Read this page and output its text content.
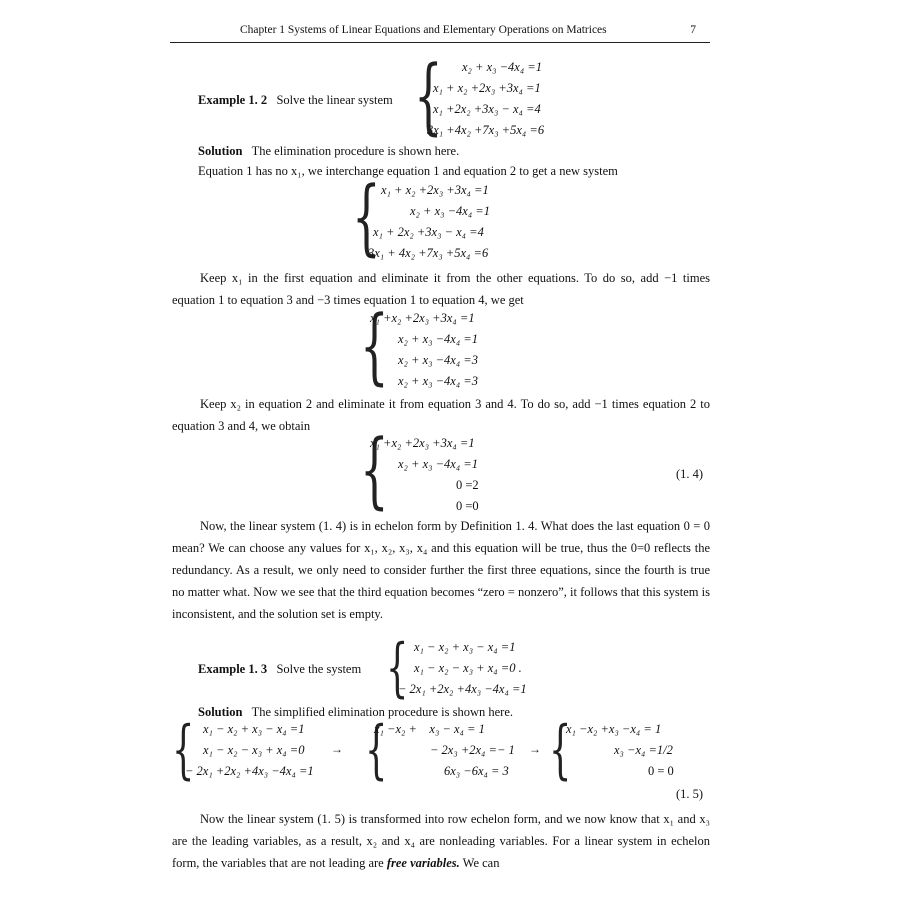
Chapter 1 Systems of Linear Equations and Elementary Operations on Matrices	7
Example 1. 2 Solve the linear system { x₂ + x₃ −4x₄ =1
x₁ + x₂ +2x₃ +3x₄ =1
x₁ +2x₂ +3x₃ − x₄ =4
3x₁ +4x₂ +7x₃ +5x₄ =6
Solution The elimination procedure is shown here.
Equation 1 has no x₁, we interchange equation 1 and equation 2 to get a new system
{ x₁ + x₂ +2x₃ +3x₄ =1
x₂ + x₃ −4x₄ =1
x₁ + 2x₂ +3x₃ − x₄ =4
3x₁ + 4x₂ +7x₃ +5x₄ =6
Keep x₁ in the first equation and eliminate it from the other equations. To do so, add −1 times equation 1 to equation 3 and −3 times equation 1 to equation 4, we get
{
x₁ +x₂ +2x₃ +3x₄ =1
x₂ + x₃ −4x₄ =1
x₂ + x₃ −4x₄ =3
x₂ + x₃ −4x₄ =3
Keep x₂ in equation 2 and eliminate it from equation 3 and 4. To do so, add −1 times equation 2 to equation 3 and 4, we obtain {
x₁ +x₂ +2x₃ +3x₄ =1
x₂ + x₃ −4x₄ =1
0 =2
0 =0
(1. 4)
Now, the linear system (1. 4) is in echelon form by Definition 1. 4. What does the last equation 0 = 0 mean? We can choose any values for x₁, x₂, x₃, x₄ and this equation will be true, thus the 0=0 reflects the redundancy. As a result, we only need to consider further the first three equations, since the fourth is true no matter what. Now we see that the third equation becomes “zero = nonzero”, it follows that this system is inconsistent, and the solution set is empty.
Example 1. 3 Solve the system { x₁ − x₂ + x₃ − x₄ =1
x₁ − x₂ − x₃ + x₄ =0 .
− 2x₁ +2x₂ +4x₃ −4x₄ =1
Solution The simplified elimination procedure is shown here.
{ x₁ − x₂ + x₃ − x₄ =1
x₁ − x₂ − x₃ + x₄ =0 →
− 2x₁ +2x₂ +4x₃ −4x₄ =1 {
x₁ −x₂ +    x₃ − x₄ = 1
− 2x₃ +2x₄ =− 1 →
6x₃ −6x₄ = 3 {
x₁ −x₂ +x₃ −x₄ = 1
x₃ −x₄ =1/2
0 = 0
(1. 5)
Now the linear system (1. 5) is transformed into row echelon form, and we now know that x₁ and x₃ are the leading variables, as a result, x₂ and x₄ are nonleading variables. For a linear system in echelon form, the variables that are not leading are free variables. We can
